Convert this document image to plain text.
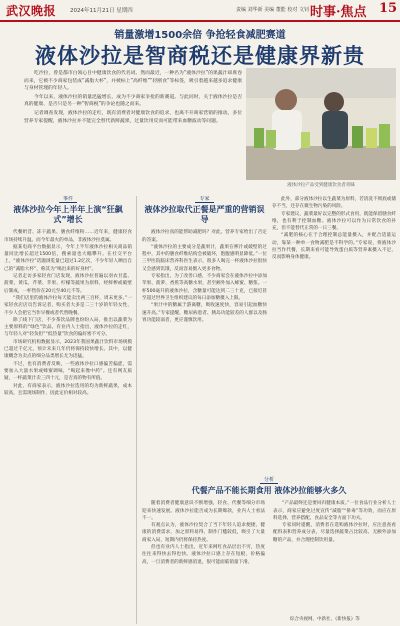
武汉晚报	2024年11月21日 星期四	责编 刘华新 美编 董能 校对 文钊 时事·焦点 15
销量激增1500余倍 争抢轻食减肥赛道
液体沙拉是智商税还是健康界新贵

吃沙拉，曾是都市白领心目中健康饮食的代名词。然而最近，一种名为“液体沙拉”的果蔬汁却席卷而来，它被不少商家包装成“减脂大杯”，并被标上“高纤维”“轻断食”等标签，吸引着越来越多追求健康与身材管理的年轻人。

今年以来，液体沙拉的销量迅猛增长，成为不少商家争抢的新赛道。与此同时，关于液体沙拉是否真的健康、是否只是另一种“智商税”的争论也随之而来。

记者调查发现，液体沙拉的走红，既有消费者对健康饮食的追求，也离不开商家营销的推动。多位营养专家提醒，液体沙拉并不能完全替代新鲜蔬果，过量饮用反而可能带来血糖波动等问题。

液体沙拉产品受到健康饮食者青睐
事件
液体沙拉今年上半年上演“狂飙式”增长

代餐奶昔、冻干蔬果、膳食纤维粉……近年来，健康轻食市场持续升温。而今年最火的单品，非液体沙拉莫属。

据某电商平台数据显示，今年上半年液体沙拉相关商品销量同比增长超过1500倍，搜索量也大幅攀升。在社交平台上，“液体沙拉”话题浏览量已超过1.2亿次，不少年轻人晒出自己的“减脂大杯”，称其为“喝出来的好身材”。

记者走访多家轻食门店发现，液体沙拉普遍以羽衣甘蓝、菠菜、黄瓜、芹菜、苹果、柠檬等蔬果为原料，经鲜榨或破壁后制成，一杯售价在20元至40元不等。

“我们店里的液体沙拉每天能卖出两三百杯，周末更多。”一家轻食店店员告诉记者，购买者大多是二三十岁的年轻女性，不少人会把它当作早餐或者代替晚餐。

除了线下门店，不少茶饮品牌也纷纷入局，推出以蔬菜为主要原料的“绿色”饮品。有业内人士指出，液体沙拉的走红，与年轻人对“轻负担”“低热量”饮食的偏好密不可分。

市场研究机构数据显示，2023年我国果蔬汁饮料市场规模已超过千亿元，预计未来几年仍将保持较快增长。其中，以健康概念为卖点的细分品类增长尤为迅猛。

不过，也有消费者反映，一些液体沙拉口感偏苦偏涩，需要加入大量水果或蜂蜜调味，“喝起来像中药”。还有网友质疑，一杯蔬菜汁卖三四十元，是否真的物有所值。

对此，有商家表示，液体沙拉选用的均为新鲜蔬果，成本较高，且需现场制作，因此定价相对较高。

专家
液体沙拉取代正餐是严重的营销误导

液体沙拉真的能帮助减肥吗？对此，营养专家给出了否定的答案。

“液体沙拉的主要成分是蔬果汁，蔬果在榨汁或破壁的过程中，其中的膳食纤维结构会被破坏，饱腹感明显降低。”一位三甲医院临床营养科医生表示，很多人喝完一杯液体沙拉很快又会感到饥饿，反而容易摄入更多食物。

专家指出，为了改善口感，不少商家会在液体沙拉中添加苹果、菠萝、香蕉等高糖水果，甚至额外加入蜂蜜、糖浆。一杯500毫升的液体沙拉，含糖量可能达到二三十克，已接近甚至超过世界卫生组织建议的每日添加糖摄入上限。

“果汁中的糖属于游离糖，吸收速度快，容易引起血糖快速升高。”专家提醒，糖尿病患者、胰岛功能较差的人群以及肠胃功能较弱者，更应谨慎饮用。

此外，部分液体沙拉以生蔬菜为原料，若清洗不彻底或储存不当，还存在微生物污染的风险。

专家建议，蔬菜最好以完整的形式食用，既能保留膳食纤维，也有利于控制血糖。液体沙拉可以作为日常饮食的补充，但不能替代正常的一日三餐。

“减肥的核心在于合理控制总能量摄入，并配合适量运动，靠某一种单一食物减肥是不科学的。”专家说，将液体沙拉当作代餐，长期来看可能导致蛋白质等营养素摄入不足，反而影响身体健康。

分析
代餐产品不能长期食用 液体沙拉能够火多久

随着消费者健康意识不断增强，轻食、代餐等细分市场迎来快速发展。液体沙拉能否成为长期爆款，业内人士看法不一。

有观点认为，液体沙拉契合了当下年轻人追求便捷、健康的消费需求，加之原料易得、制作门槛较低，吸引了大量商家入局，短期内仍将保持热度。

但也有业内人士指出，近年来网红食品层出不穷，热度往往来得快去得也快。液体沙拉口感上存在短板，价格偏高，一旦消费者的新鲜感消退，很可能面临销量下滑。

“产品最终还是要回归健康本质。”一位食品行业分析人士表示，商家应避免过度宣传“减脂”“排毒”等功效，而应在原料选择、营养搭配、食品安全等方面下功夫。

专家同时提醒，消费者在选购液体沙拉时，应注意查看配料表和营养成分表，尽量选择蔬菜占比较高、无额外添加糖的产品，并合理控制饮用量。

综合央视网、中新社、《新快报》等
